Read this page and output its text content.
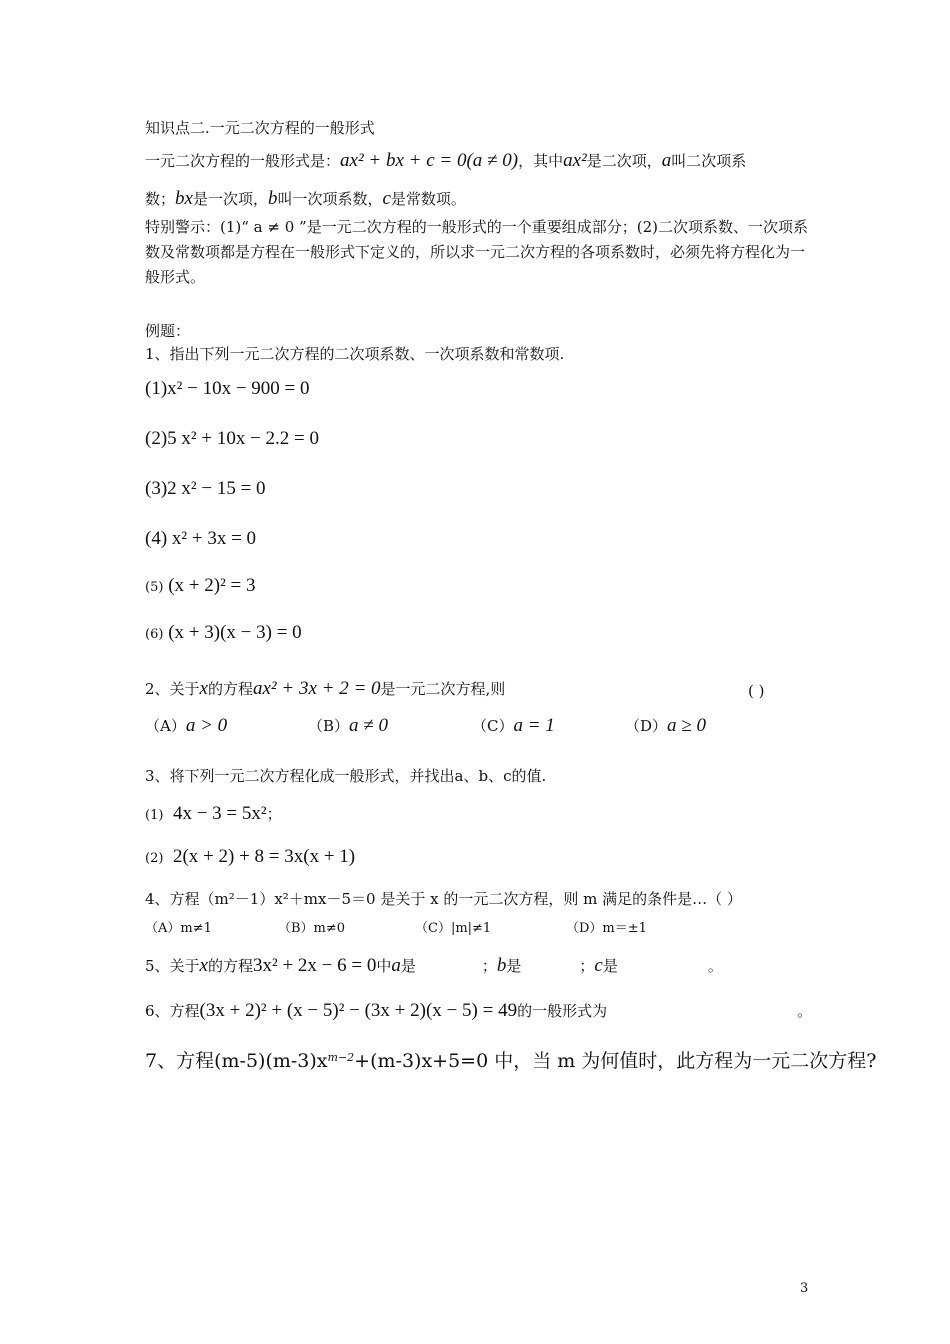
知识点二.一元二次方程的一般形式
一元二次方程的一般形式是：ax² + bx + c = 0(a ≠ 0)，其中ax²是二次项，a叫二次项系
数；bx是一次项，b叫一次项系数，c是常数项。
特别警示：(1)“ a ≠ 0 ”是一元二次方程的一般形式的一个重要组成部分；(2)二次项系数、一次项系数及常数项都是方程在一般形式下定义的，所以求一元二次方程的各项系数时，必须先将方程化为一般形式。
例题：
1、指出下列一元二次方程的二次项系数、一次项系数和常数项.
(1)x² − 10x − 900 = 0
(2)5 x² + 10x − 2.2 = 0
(3)2 x² − 15 = 0
(4) x² + 3x = 0
(5) (x + 2)² = 3
(6) (x + 3)(x − 3) = 0
2、关于x的方程ax² + 3x + 2 = 0是一元二次方程,则	( )
（A）a > 0	（B）a ≠ 0	（C）a = 1	（D）a ≥ 0
3、将下列一元二次方程化成一般形式，并找出a、b、c的值.
(1) 4x − 3 = 5x²；
(2) 2(x + 2) + 8 = 3x(x + 1)
4、方程（m²－1）x²＋mx－5＝0 是关于 x 的一元二次方程，则 m 满足的条件是…（ ）
（A）m≠1	（B）m≠0	（C）|m|≠1	（D）m＝±1
5、关于x的方程3x² + 2x − 6 = 0中a是	；b是	；c是	。
6、方程(3x + 2)² + (x − 5)² − (3x + 2)(x − 5) = 49的一般形式为	。
7、方程$(m-5)(m-3)x^{m-2}+(m-3)x+5=0$ 中，当 m 为何值时，此方程为一元二次方程?
3
